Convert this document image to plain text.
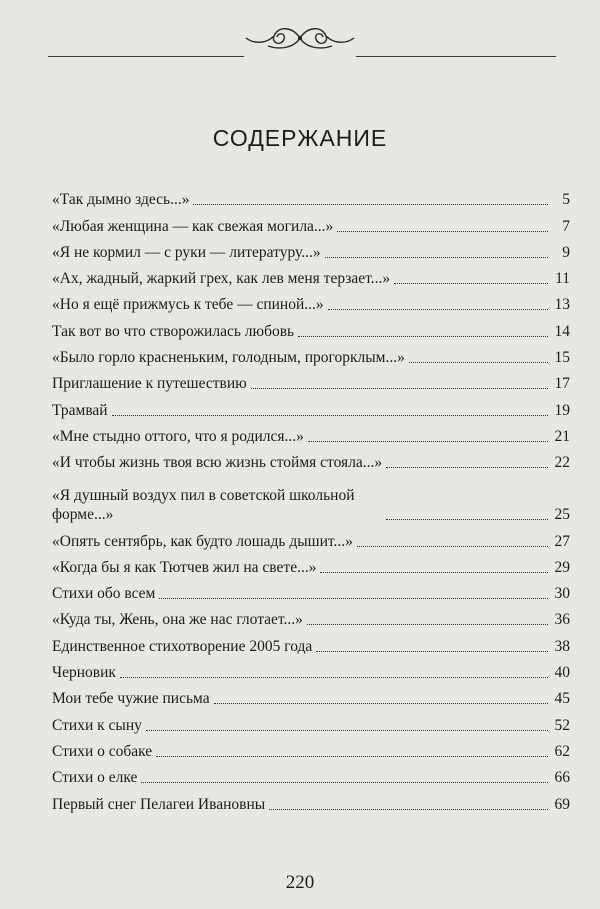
СОДЕРЖАНИЕ
«Так дымно здесь...»	5
«Любая женщина — как свежая могила...»	7
«Я не кормил — с руки — литературу...»	9
«Ах, жадный, жаркий грех, как лев меня терзает...»	11
«Но я ещё прижмусь к тебе — спиной...»	13
Так вот во что створожилась любовь	14
«Было горло красненьким, голодным, прогорклым...»	15
Приглашение к путешествию	17
Трамвай	19
«Мне стыдно оттого, что я родился...»	21
«И чтобы жизнь твоя всю жизнь стоймя стояла...»	22
«Я душный воздух пил в советской школьной форме...»	25
«Опять сентябрь, как будто лошадь дышит...»	27
«Когда бы я как Тютчев жил на свете...»	29
Стихи обо всем	30
«Куда ты, Жень, она же нас глотает...»	36
Единственное стихотворение 2005 года	38
Черновик	40
Мои тебе чужие письма	45
Стихи к сыну	52
Стихи о собаке	62
Стихи о елке	66
Первый снег Пелагеи Ивановны	69
220
